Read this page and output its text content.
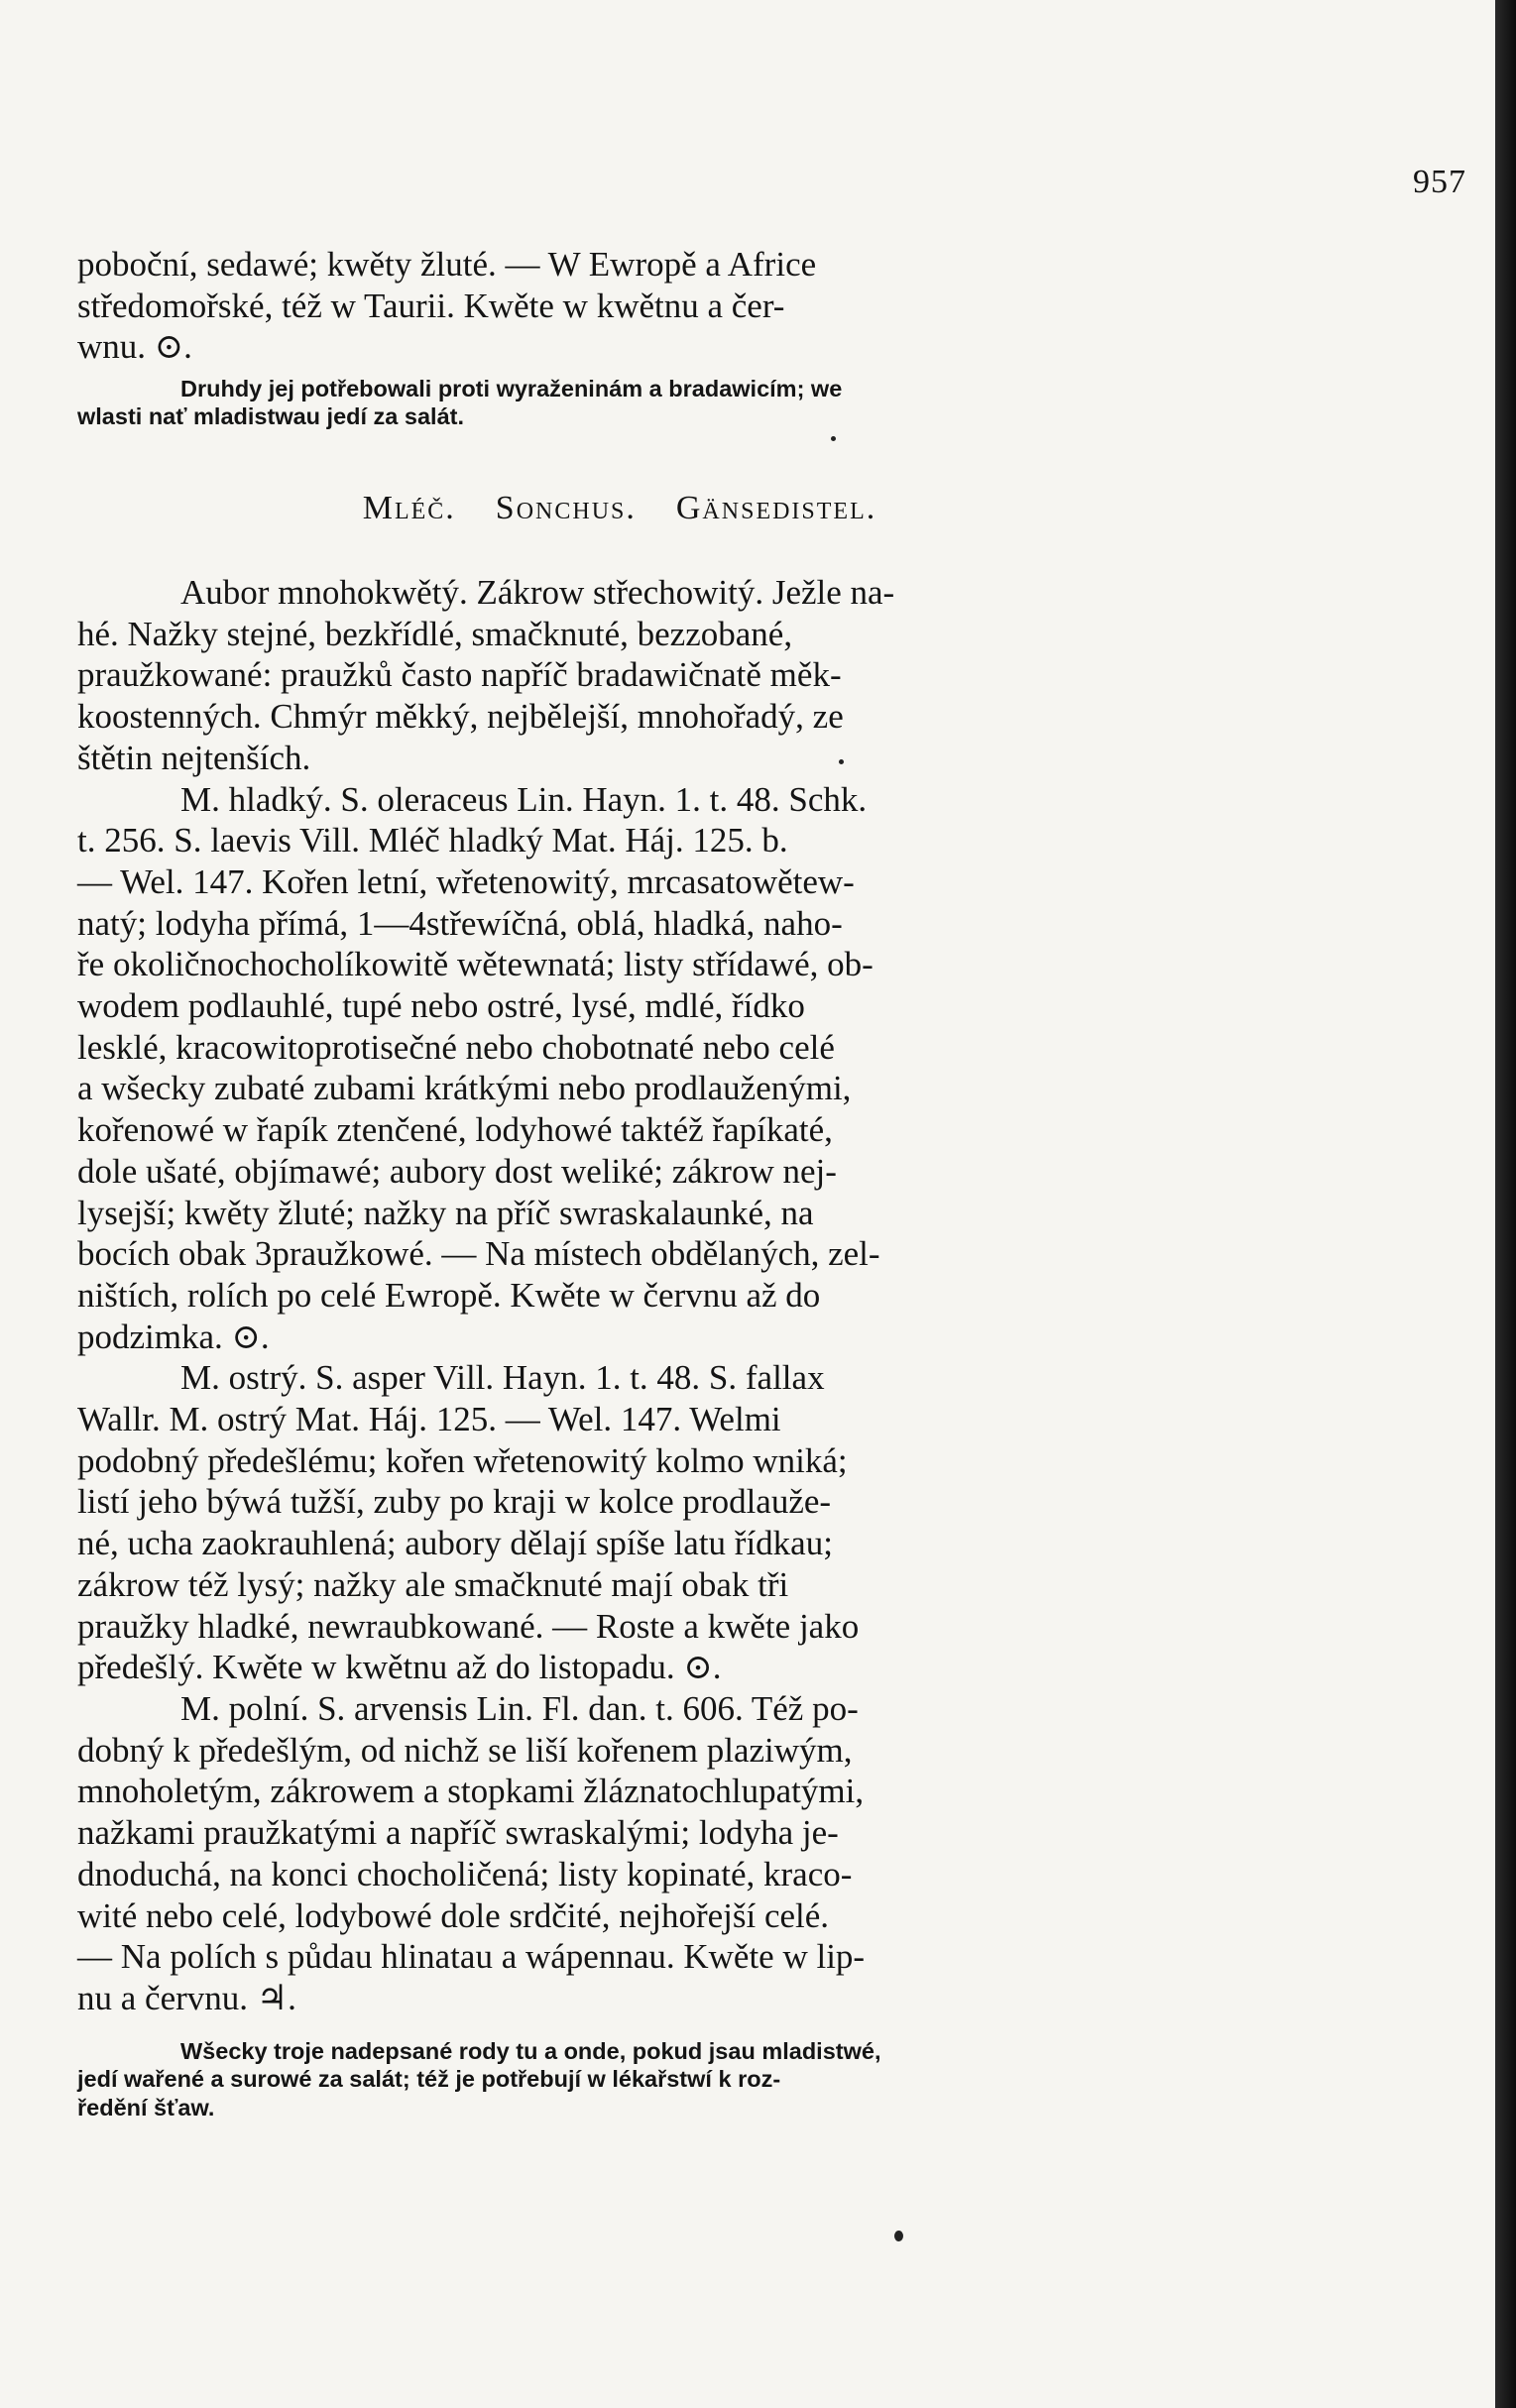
957
poboční, sedawé; kwěty žluté. — W Ewropě a Africe
středomořské, též w Taurii. Kwěte w kwětnu a čer-
wnu. ⊙.
Druhdy jej potřebowali proti wyraženinám a bradawicím; we
wlasti nať mladistwau jedí za salát.
Mléč. Sonchus. Gänsedistel.
Aubor mnohokwětý. Zákrow střechowitý. Ježle na-
hé. Nažky stejné, bezkřídlé, smačknuté, bezzobané,
praužkowané: praužků často napříč bradawičnatě měk-
koostenných. Chmýr měkký, nejbělejší, mnohořadý, ze
štětin nejtenších.
M. hladký. S. oleraceus Lin. Hayn. 1. t. 48. Schk.
t. 256. S. laevis Vill. Mléč hladký Mat. Háj. 125. b.
— Wel. 147. Kořen letní, wřetenowitý, mrcasatowětew-
natý; lodyha přímá, 1—4střewíčná, oblá, hladká, naho-
ře okoličnochocholíkowitě wětewnatá; listy střídawé, ob-
wodem podlauhlé, tupé nebo ostré, lysé, mdlé, řídko
lesklé, kracowitoprotisečné nebo chobotnaté nebo celé
a wšecky zubaté zubami krátkými nebo prodlauženými,
kořenowé w řapík ztenčené, lodyhowé taktéž řapíkaté,
dole ušaté, objímawé; aubory dost weliké; zákrow nej-
lysejší; kwěty žluté; nažky na příč swraskalaunké, na
bocích obak 3praužkowé. — Na místech obdělaných, zel-
ništích, rolích po celé Ewropě. Kwěte w červnu až do
podzimka. ⊙.
M. ostrý. S. asper Vill. Hayn. 1. t. 48. S. fallax
Wallr. M. ostrý Mat. Háj. 125. — Wel. 147. Welmi
podobný předešlému; kořen wřetenowitý kolmo wniká;
listí jeho býwá tužší, zuby po kraji w kolce prodlauže-
né, ucha zaokrauhlená; aubory dělají spíše latu řídkau;
zákrow též lysý; nažky ale smačknuté mají obak tři
praužky hladké, newraubkowané. — Roste a kwěte jako
předešlý. Kwěte w kwětnu až do listopadu. ⊙.
M. polní. S. arvensis Lin. Fl. dan. t. 606. Též po-
dobný k předešlým, od nichž se liší kořenem plaziwým,
mnoholetým, zákrowem a stopkami žláznatochlupatými,
nažkami praužkatými a napříč swraskalými; lodyha je-
dnoduchá, na konci chocholičená; listy kopinaté, kraco-
wité nebo celé, lodybowé dole srdčité, nejhořejší celé.
— Na polích s půdau hlinatau a wápennau. Kwěte w lip-
nu a červnu. ♃.
Wšecky troje nadepsané rody tu a onde, pokud jsau mladistwé,
jedí wařené a surowé za salát; též je potřebují w lékařstwí k roz-
ředění šťaw.
